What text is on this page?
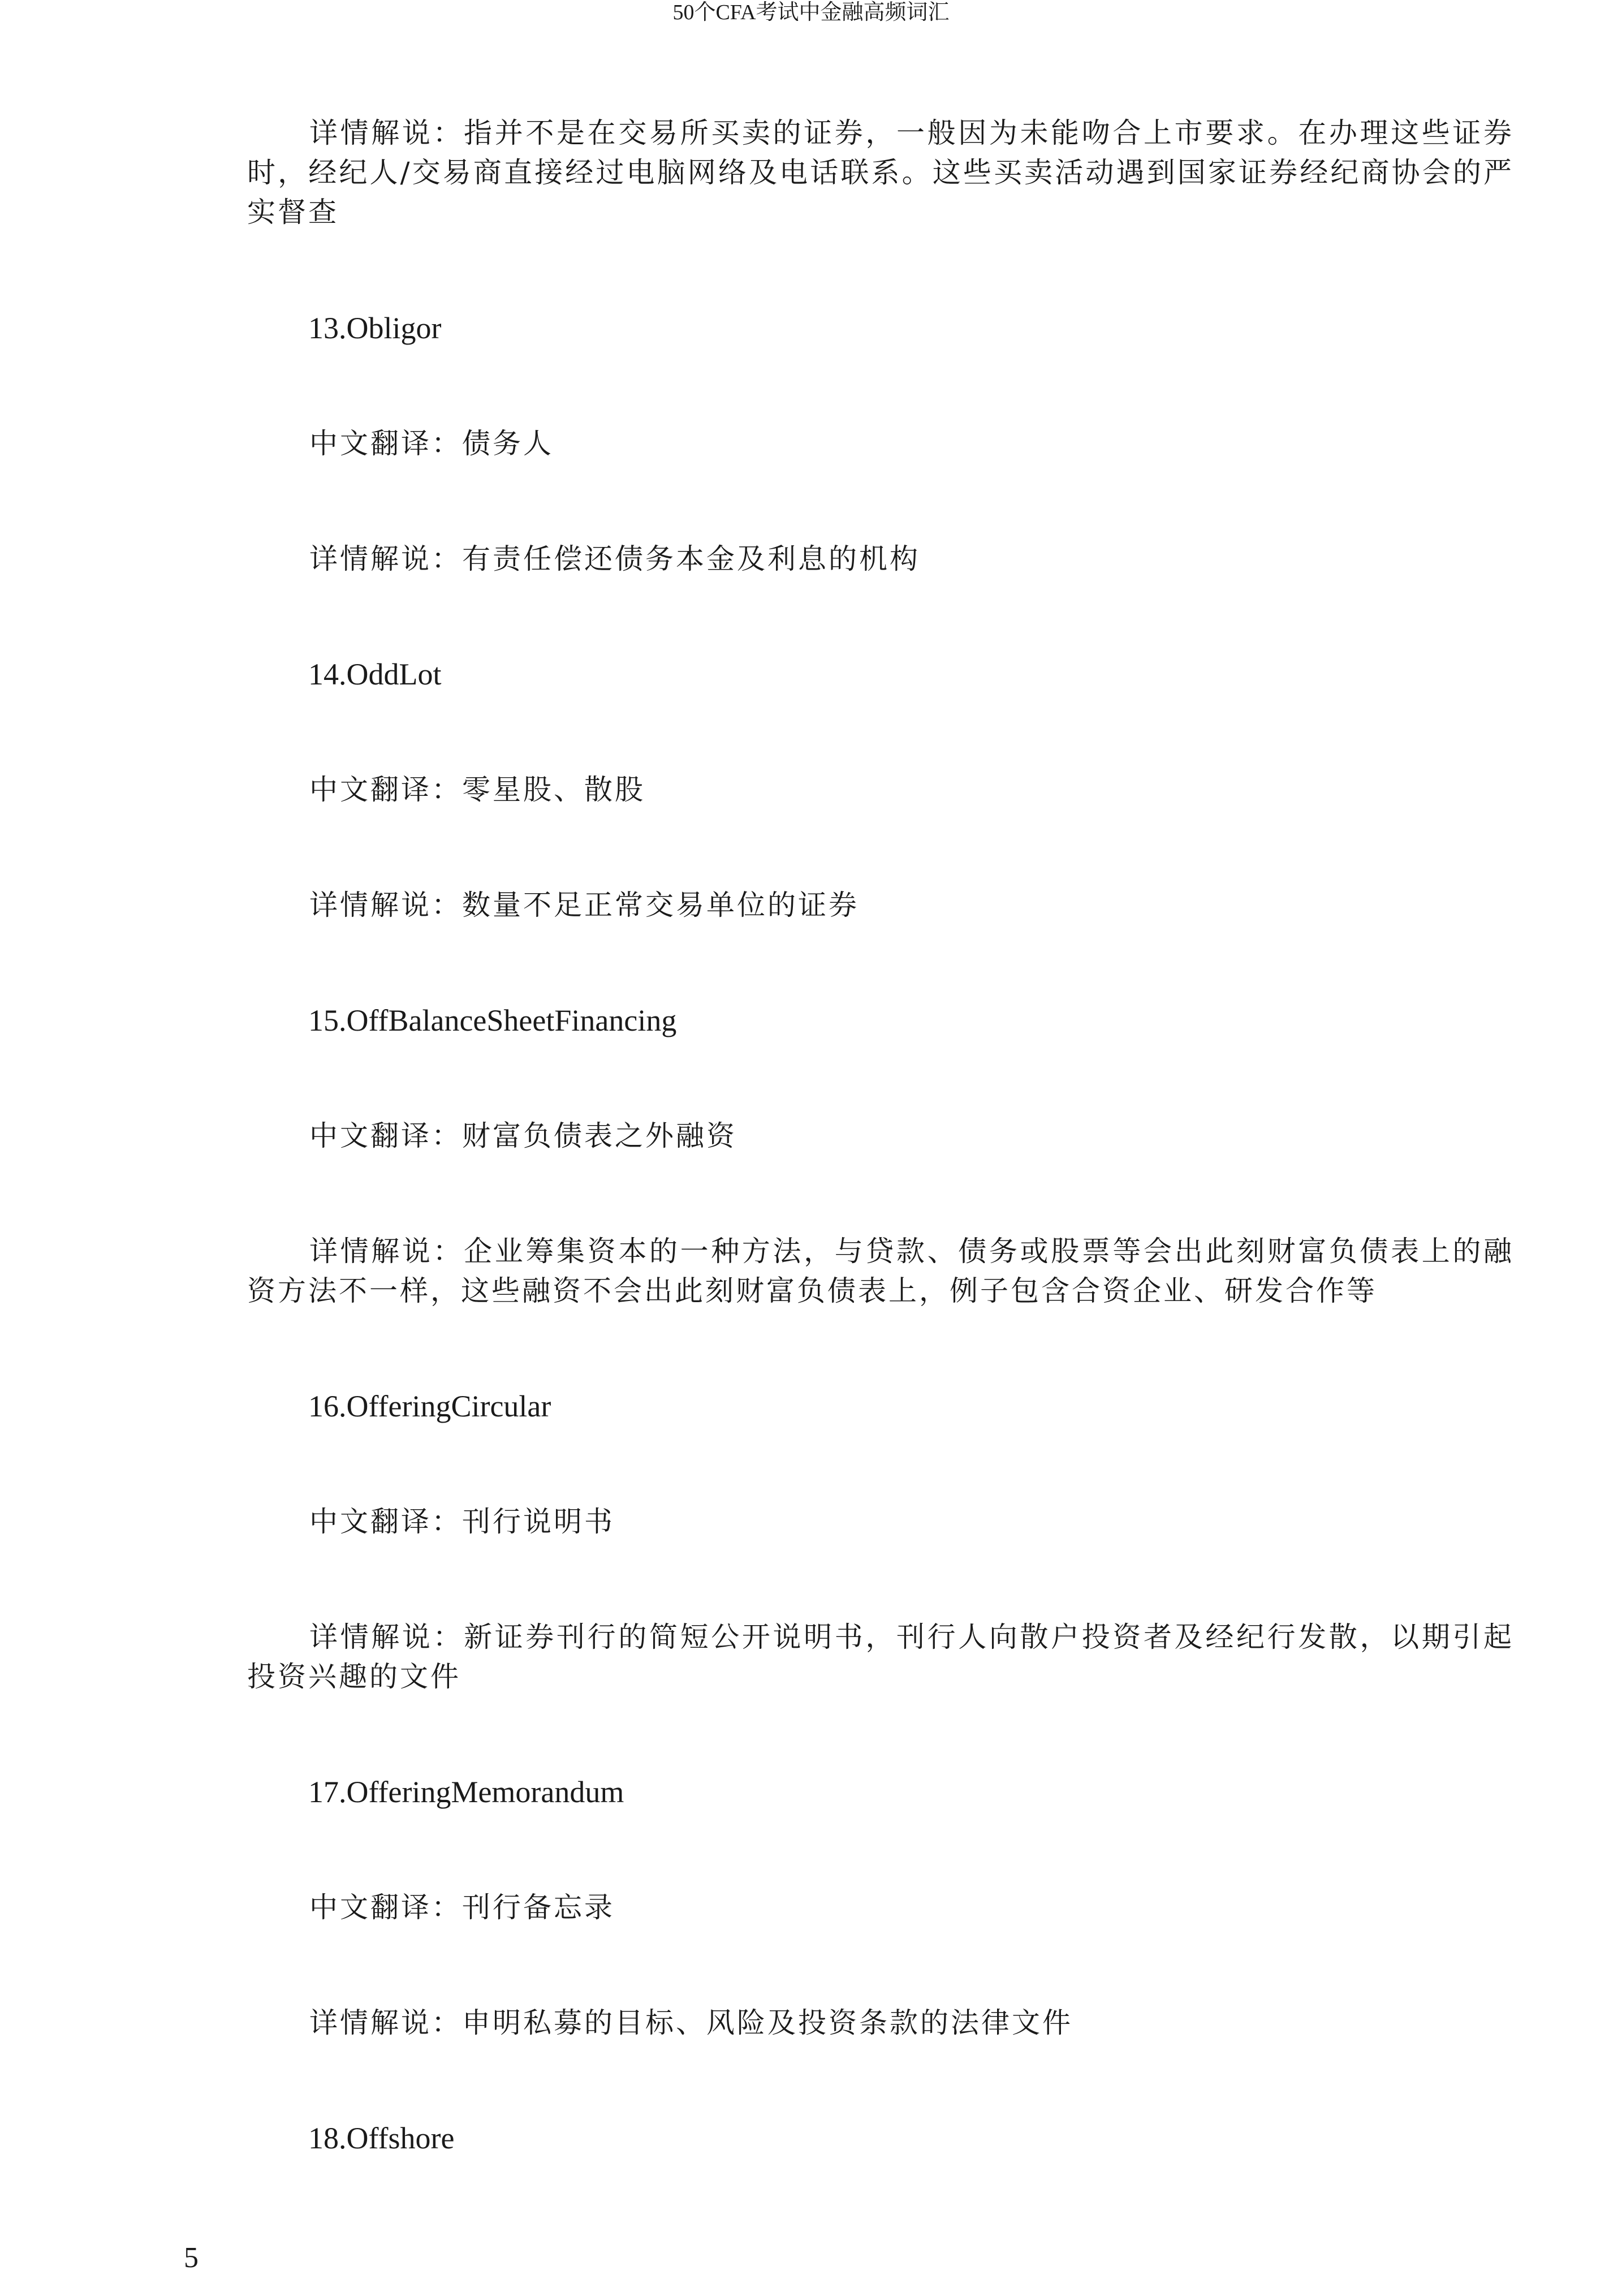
50个CFA考试中金融高频词汇

详情解说：指并不是在交易所买卖的证券，一般因为未能吻合上市要求。在办理这些证券时，经纪人/交易商直接经过电脑网络及电话联系。这些买卖活动遇到国家证券经纪商协会的严实督查

13.Obligor

中文翻译：债务人

详情解说：有责任偿还债务本金及利息的机构

14.OddLot

中文翻译：零星股、散股

详情解说：数量不足正常交易单位的证券

15.OffBalanceSheetFinancing

中文翻译：财富负债表之外融资

详情解说：企业筹集资本的一种方法，与贷款、债务或股票等会出此刻财富负债表上的融资方法不一样，这些融资不会出此刻财富负债表上，例子包含合资企业、研发合作等

16.OfferingCircular

中文翻译：刊行说明书

详情解说：新证券刊行的简短公开说明书，刊行人向散户投资者及经纪行发散，以期引起投资兴趣的文件

17.OfferingMemorandum

中文翻译：刊行备忘录

详情解说：申明私募的目标、风险及投资条款的法律文件

18.Offshore

5
